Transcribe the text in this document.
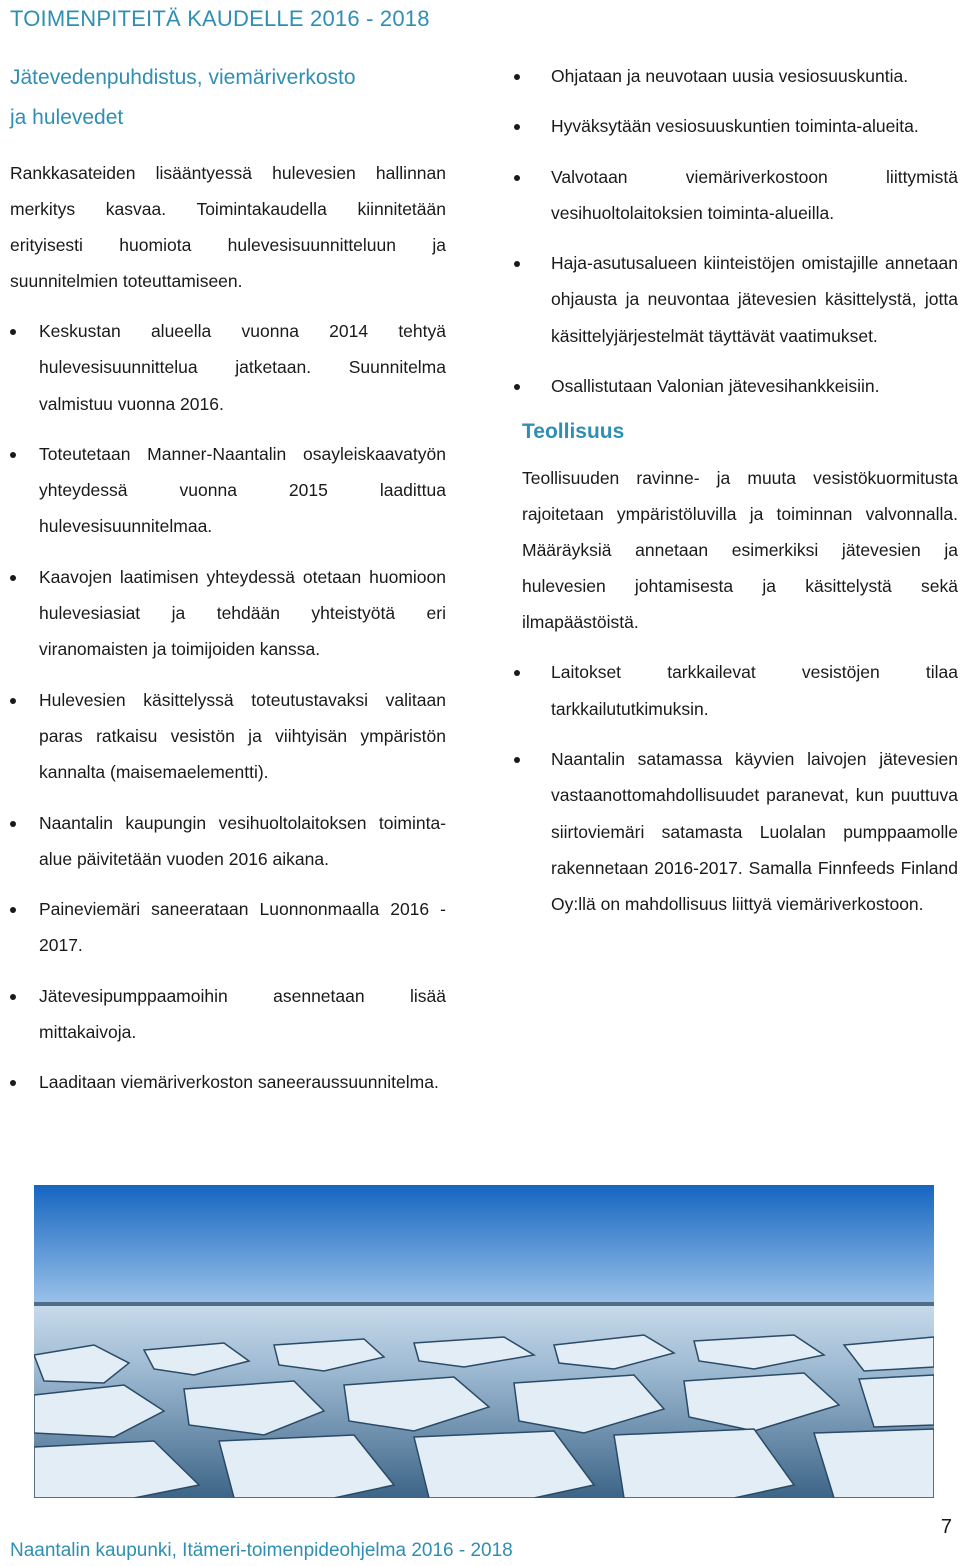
TOIMENPITEITÄ KAUDELLE 2016 - 2018
Jätevedenpuhdistus, viemäriverkosto
ja hulevedet

Rankkasateiden lisääntyessä hulevesien hallinnan merkitys kasvaa. Toimintakaudella kiinnitetään erityisesti huomiota hulevesisuunnitteluun ja suunnitelmien toteuttamiseen.

Keskustan alueella vuonna 2014 tehtyä hulevesisuunnittelua jatketaan. Suunnitelma valmistuu vuonna 2016.
Toteutetaan Manner-Naantalin osayleiskaavatyön yhteydessä vuonna 2015 laadittua hulevesisuunnitelmaa.
Kaavojen laatimisen yhteydessä otetaan huomioon hulevesiasiat ja tehdään yhteistyötä eri viranomaisten ja toimijoiden kanssa.
Hulevesien käsittelyssä toteutustavaksi valitaan paras ratkaisu vesistön ja viihtyisän ympäristön kannalta (maisemaelementti).
Naantalin kaupungin vesihuoltolaitoksen toiminta-alue päivitetään vuoden 2016 aikana.
Paineviemäri saneerataan Luonnonmaalla 2016 - 2017.
Jätevesipumppaamoihin asennetaan lisää mittakaivoja.
Laaditaan viemäriverkoston saneeraussuunnitelma.
Ohjataan ja neuvotaan uusia vesiosuuskuntia.
Hyväksytään vesiosuuskuntien toiminta-alueita.
Valvotaan viemäriverkostoon liittymistä vesihuoltolaitoksien toiminta-alueilla.
Haja-asutusalueen kiinteistöjen omistajille annetaan ohjausta ja neuvontaa jätevesien käsittelystä, jotta käsittelyjärjestelmät täyttävät vaatimukset.
Osallistutaan Valonian jätevesihankkeisiin.
Teollisuus

Teollisuuden ravinne- ja muuta vesistökuormitusta rajoitetaan ympäristöluvilla ja toiminnan valvonnalla. Määräyksiä annetaan esimerkiksi jätevesien ja hulevesien johtamisesta ja käsittelystä sekä ilmapäästöistä.

Laitokset tarkkailevat vesistöjen tilaa tarkkailututkimuksin.
Naantalin satamassa käyvien laivojen jätevesien vastaanottomahdollisuudet paranevat, kun puuttuva siirtoviemäri satamasta Luolalan pumppaamolle rakennetaan 2016-2017. Samalla Finnfeeds Finland Oy:llä on mahdollisuus liittyä viemäriverkostoon.

Naantalin kaupunki, Itämeri-toimenpideohjelma 2016 - 2018

7
